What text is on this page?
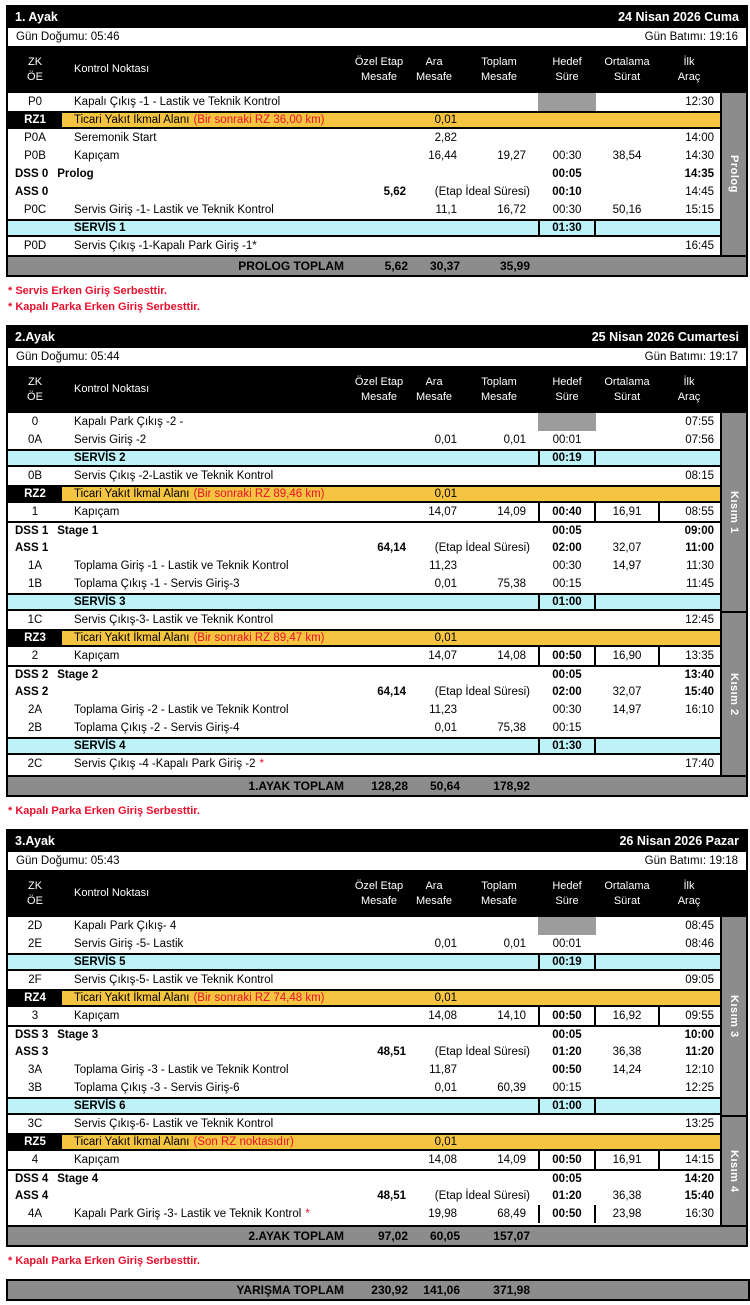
1. Ayak	24 Nisan 2026 Cuma
Gün Doğumu: 05:46	Gün Batımı: 19:16
ZK
ÖE
Kontrol Noktası
Özel Etap
Mesafe
Ara
Mesafe
Toplam
Mesafe
Hedef
Süre
Ortalama
Sürat
İlk
Araç
P0	Kapalı Çıkış -1 - Lastik ve Teknik Kontrol	12:30
RZ1	Ticari Yakıt İkmal Alanı (Bir sonraki RZ 36,00 km)	0,01
P0A	Seremonik Start	2,82	14:00
P0B	Kapıçam	16,44	19,27	00:30	38,54	14:30
DSS 0 Prolog	00:05	14:35
ASS 0	5,62	(Etap İdeal Süresi)	00:10	14:45
P0C	Servis Giriş -1- Lastik ve Teknik Kontrol	11,1	16,72	00:30	50,16	15:15
SERVİS 1	01:30
P0D	Servis Çıkış -1-Kapalı Park Giriş -1*	16:45
Prolog
PROLOG TOPLAM	5,62	30,37	35,99
* Servis Erken Giriş Serbesttir.
* Kapalı Parka Erken Giriş Serbesttir.
2.Ayak	25 Nisan 2026 Cumartesi
Gün Doğumu: 05:44	Gün Batımı: 19:17
ZK
ÖE
Kontrol Noktası
Özel Etap
Mesafe
Ara
Mesafe
Toplam
Mesafe
Hedef
Süre
Ortalama
Sürat
İlk
Araç
0	Kapalı Park Çıkış -2 -	07:55
0A	Servis Giriş -2	0,01	0,01	00:01	07:56
SERVİS 2	00:19
0B	Servis Çıkış -2-Lastik ve Teknik Kontrol	08:15
RZ2	Ticari Yakıt İkmal Alanı (Bir sonraki RZ 89,46 km)	0,01
1	Kapıçam	14,07	14,09	00:40	16,91	08:55
DSS 1 Stage 1	00:05	09:00
ASS 1	64,14	(Etap İdeal Süresi)	02:00	32,07	11:00
1A	Toplama Giriş -1 - Lastik ve Teknik Kontrol	11,23	00:30	14,97	11:30
1B	Toplama Çıkış -1 - Servis Giriş-3	0,01	75,38	00:15	11:45
SERVİS 3	01:00
1C	Servis Çıkış-3- Lastik ve Teknik Kontrol	12:45
RZ3	Ticari Yakıt İkmal Alanı (Bir sonraki RZ 89,47 km)	0,01
2	Kapıçam	14,07	14,08	00:50	16,90	13:35
DSS 2 Stage 2	00:05	13:40
ASS 2	64,14	(Etap İdeal Süresi)	02:00	32,07	15:40
2A	Toplama Giriş -2 - Lastik ve Teknik Kontrol	11,23	00:30	14,97	16:10
2B	Toplama Çıkış -2 - Servis Giriş-4	0,01	75,38	00:15
SERVİS 4	01:30
2C	Servis Çıkış -4 -Kapalı Park Giriş -2 *	17:40
Kısım 1
Kısım 2
1.AYAK TOPLAM	128,28	50,64	178,92
* Kapalı Parka Erken Giriş Serbesttir.
3.Ayak	26 Nisan 2026 Pazar
Gün Doğumu: 05:43	Gün Batımı: 19:18
ZK
ÖE
Kontrol Noktası
Özel Etap
Mesafe
Ara
Mesafe
Toplam
Mesafe
Hedef
Süre
Ortalama
Sürat
İlk
Araç
2D	Kapalı Park Çıkış- 4	08:45
2E	Servis Giriş -5- Lastik	0,01	0,01	00:01	08:46
SERVİS 5	00:19
2F	Servis Çıkış-5- Lastik ve Teknik Kontrol	09:05
RZ4	Ticari Yakıt İkmal Alanı (Bir sonraki RZ 74,48 km)	0,01
3	Kapıçam	14,08	14,10	00:50	16,92	09:55
DSS 3 Stage 3	00:05	10:00
ASS 3	48,51	(Etap İdeal Süresi)	01:20	36,38	11:20
3A	Toplama Giriş -3 - Lastik ve Teknik Kontrol	11,87	00:50	14,24	12:10
3B	Toplama Çıkış -3 - Servis Giriş-6	0,01	60,39	00:15	12:25
SERVİS 6	01:00
3C	Servis Çıkış-6- Lastik ve Teknik Kontrol	13:25
RZ5	Ticari Yakıt İkmal Alanı (Son RZ noktasıdır)	0,01
4	Kapıçam	14,08	14,09	00:50	16,91	14:15
DSS 4 Stage 4	00:05	14:20
ASS 4	48,51	(Etap İdeal Süresi)	01:20	36,38	15:40
4A	Kapalı Park Giriş -3- Lastik ve Teknik Kontrol *	19,98	68,49	00:50	23,98	16:30
Kısım 3
Kısım 4
2.AYAK TOPLAM	97,02	60,05	157,07
* Kapalı Parka Erken Giriş Serbesttir.
YARIŞMA TOPLAM	230,92	141,06	371,98
